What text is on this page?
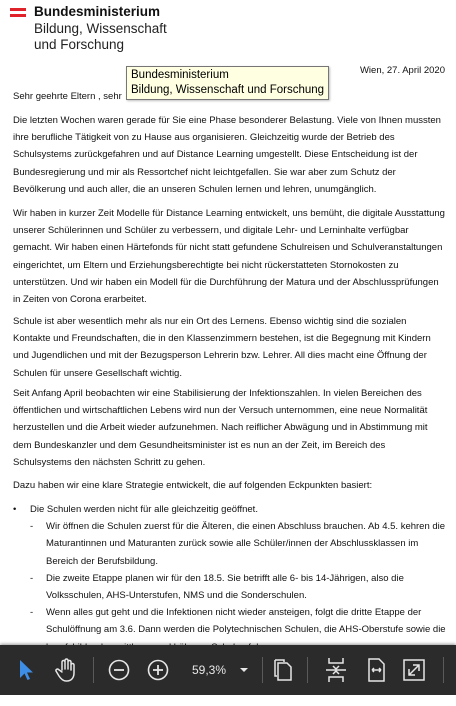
Bundesministerium
Bildung, Wissenschaft
und Forschung
Wien, 27. April 2020
Sehr geehrte Eltern , sehr

Die letzten Wochen waren gerade für Sie eine Phase besonderer Belastung. Viele von Ihnen mussten ihre berufliche Tätigkeit von zu Hause aus organisieren. Gleichzeitig wurde der Betrieb des Schulsystems zurückgefahren und auf Distance Learning umgestellt. Diese Entscheidung ist der Bundesregierung und mir als Ressortchef nicht leichtgefallen. Sie war aber zum Schutz der Bevölkerung und auch aller, die an unseren Schulen lernen und lehren, unumgänglich.

Wir haben in kurzer Zeit Modelle für Distance Learning entwickelt, uns bemüht, die digitale Ausstattung unserer Schülerinnen und Schüler zu verbessern, und digitale Lehr- und Lerninhalte verfügbar gemacht. Wir haben einen Härtefonds für nicht statt gefundene Schulreisen und Schulveranstaltungen eingerichtet, um Eltern und Erziehungsberechtigte bei nicht rückerstatteten Stornokosten zu unterstützen. Und wir haben ein Modell für die Durchführung der Matura und der Abschlussprüfungen in Zeiten von Corona erarbeitet.

Schule ist aber wesentlich mehr als nur ein Ort des Lernens. Ebenso wichtig sind die sozialen Kontakte und Freundschaften, die in den Klassenzimmern bestehen, ist die Begegnung mit Kindern und Jugendlichen und mit der Bezugsperson Lehrerin bzw. Lehrer. All dies macht eine Öffnung der Schulen für unsere Gesellschaft wichtig.

Seit Anfang April beobachten wir eine Stabilisierung der Infektionszahlen. In vielen Bereichen des öffentlichen und wirtschaftlichen Lebens wird nun der Versuch unternommen, eine neue Normalität herzustellen und die Arbeit wieder aufzunehmen. Nach reiflicher Abwägung und in Abstimmung mit dem Bundeskanzler und dem Gesundheitsminister ist es nun an der Zeit, im Bereich des Schulsystems den nächsten Schritt zu gehen.

Dazu haben wir eine klare Strategie entwickelt, die auf folgenden Eckpunkten basiert:

• Die Schulen werden nicht für alle gleichzeitig geöffnet.
- Wir öffnen die Schulen zuerst für die Älteren, die einen Abschluss brauchen. Ab 4.5. kehren die Maturantinnen und Maturanten zurück sowie alle Schüler/innen der Abschlussklassen im Bereich der Berufsbildung.
- Die zweite Etappe planen wir für den 18.5. Sie betrifft alle 6- bis 14-Jährigen, also die Volksschulen, AHS-Unterstufen, NMS und die Sonderschulen.
- Wenn alles gut geht und die Infektionen nicht wieder ansteigen, folgt die dritte Etappe der Schulöffnung am 3.6. Dann werden die Polytechnischen Schulen, die AHS-Oberstufe sowie die
Bundesministerium
Bildung, Wissenschaft und Forschung
59,3%
